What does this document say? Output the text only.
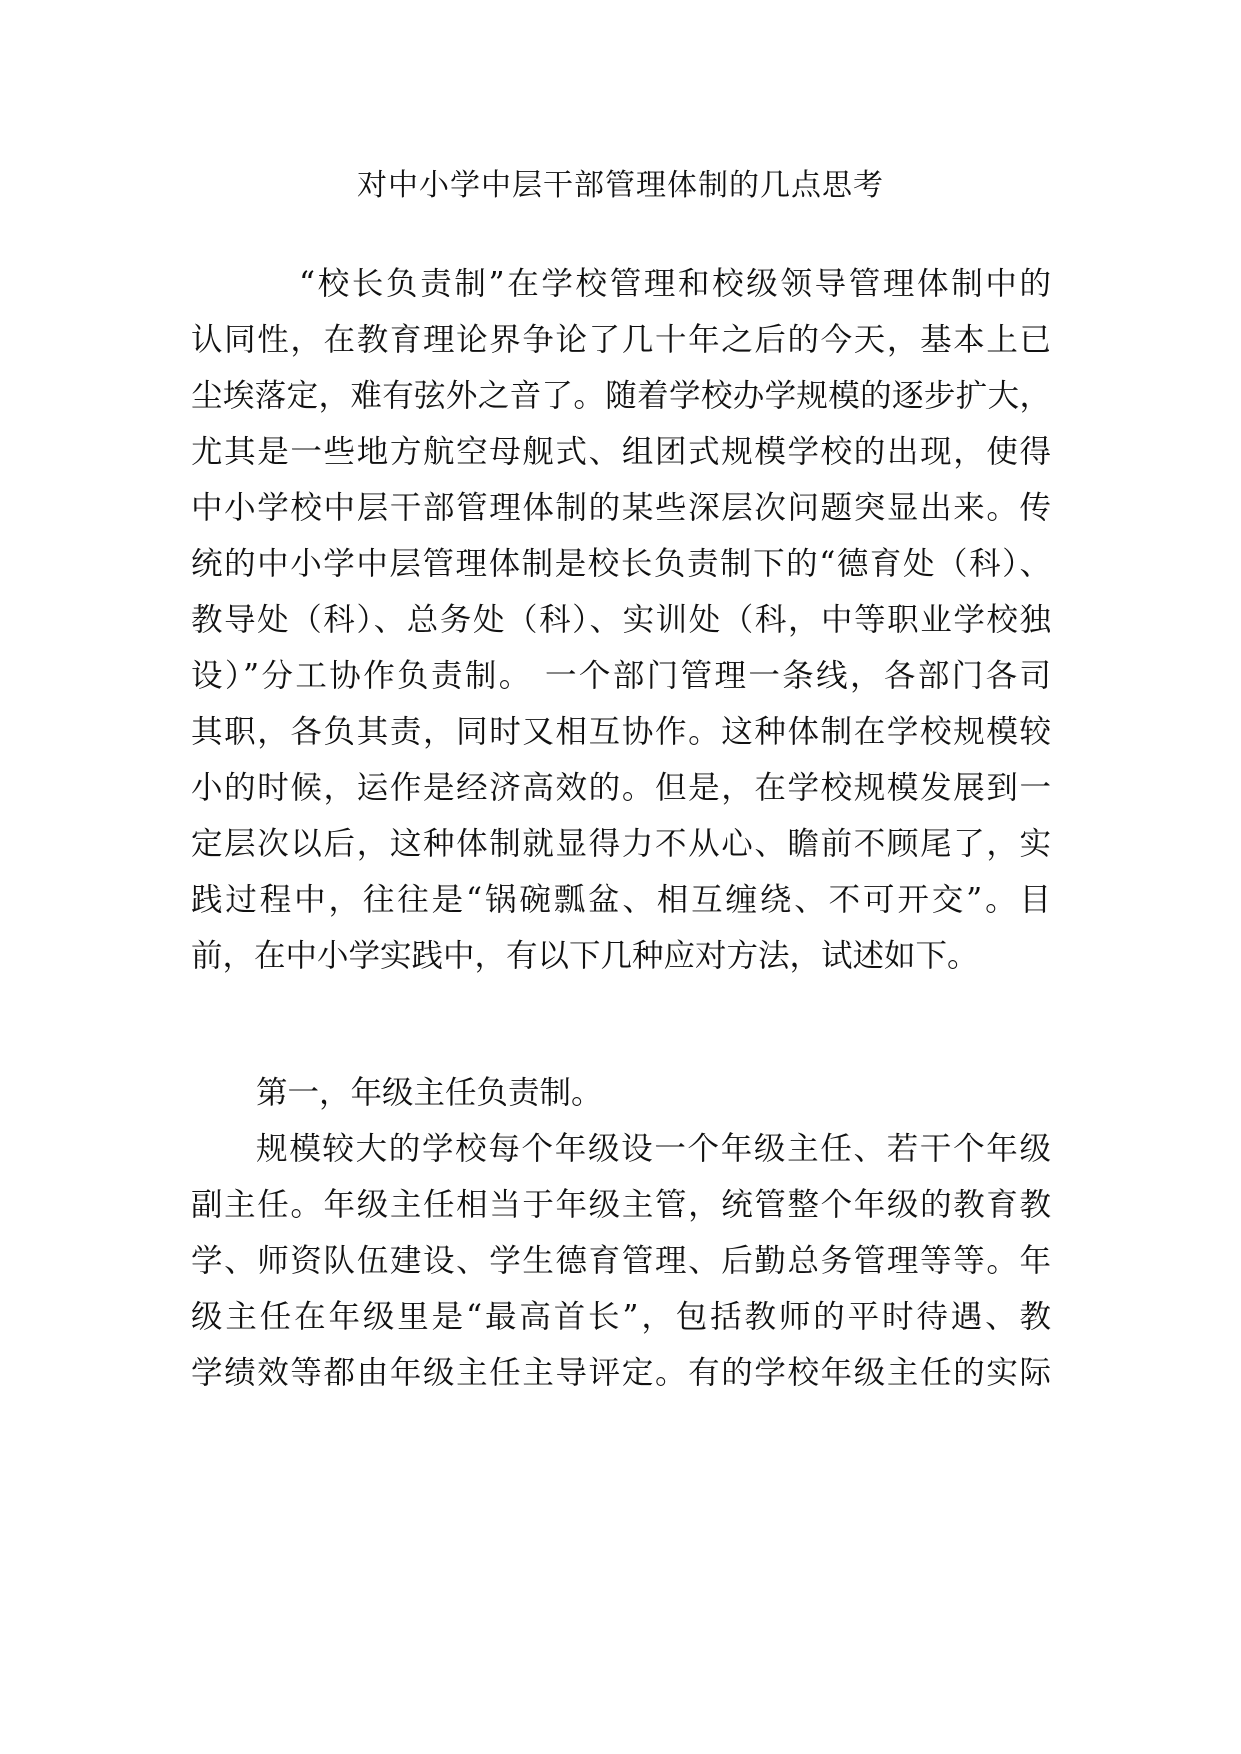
对中小学中层干部管理体制的几点思考

“校长负责制”在学校管理和校级领导管理体制中的

认同性，在教育理论界争论了几十年之后的今天，基本上已

尘埃落定，难有弦外之音了。随着学校办学规模的逐步扩大，

尤其是一些地方航空母舰式、组团式规模学校的出现，使得

中小学校中层干部管理体制的某些深层次问题突显出来。传

统的中小学中层管理体制是校长负责制下的“德育处（科）、

教导处（科）、总务处（科）、实训处（科，中等职业学校独

设）”分工协作负责制。 一个部门管理一条线，各部门各司

其职，各负其责，同时又相互协作。这种体制在学校规模较

小的时候，运作是经济高效的。但是，在学校规模发展到一

定层次以后，这种体制就显得力不从心、瞻前不顾尾了，实

践过程中，往往是“锅碗瓢盆、相互缠绕、不可开交”。目

前，在中小学实践中，有以下几种应对方法，试述如下。

第一，年级主任负责制。

规模较大的学校每个年级设一个年级主任、若干个年级

副主任。年级主任相当于年级主管，统管整个年级的教育教

学、师资队伍建设、学生德育管理、后勤总务管理等等。年

级主任在年级里是“最高首长”，包括教师的平时待遇、教

学绩效等都由年级主任主导评定。有的学校年级主任的实际
